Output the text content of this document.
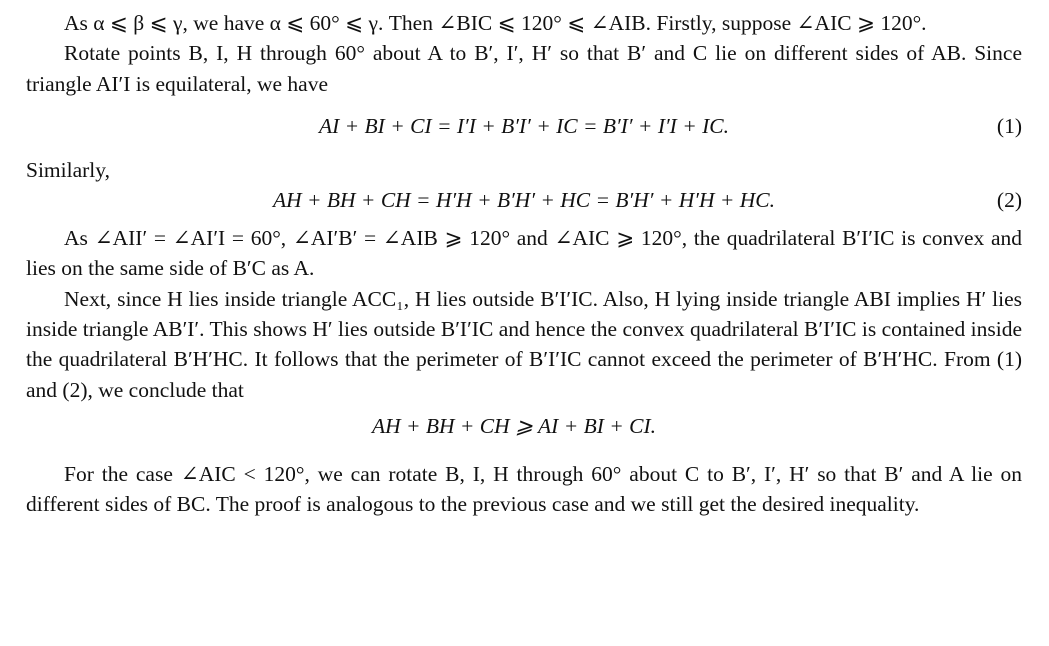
As α ⩽ β ⩽ γ, we have α ⩽ 60° ⩽ γ. Then ∠BIC ⩽ 120° ⩽ ∠AIB. Firstly, suppose ∠AIC ⩾ 120°.

Rotate points B, I, H through 60° about A to B′, I′, H′ so that B′ and C lie on different sides of AB. Since triangle AI′I is equilateral, we have

AI + BI + CI = I′I + B′I′ + IC = B′I′ + I′I + IC.	(1)

Similarly,

AH + BH + CH = H′H + B′H′ + HC = B′H′ + H′H + HC.	(2)

As ∠AII′ = ∠AI′I = 60°, ∠AI′B′ = ∠AIB ⩾ 120° and ∠AIC ⩾ 120°, the quadrilateral B′I′IC is convex and lies on the same side of B′C as A.

Next, since H lies inside triangle ACC₁, H lies outside B′I′IC. Also, H lying inside triangle ABI implies H′ lies inside triangle AB′I′. This shows H′ lies outside B′I′IC and hence the convex quadrilateral B′I′IC is contained inside the quadrilateral B′H′HC. It follows that the perimeter of B′I′IC cannot exceed the perimeter of B′H′HC. From (1) and (2), we conclude that

AH + BH + CH ⩾ AI + BI + CI.

For the case ∠AIC < 120°, we can rotate B, I, H through 60° about C to B′, I′, H′ so that B′ and A lie on different sides of BC. The proof is analogous to the previous case and we still get the desired inequality.
